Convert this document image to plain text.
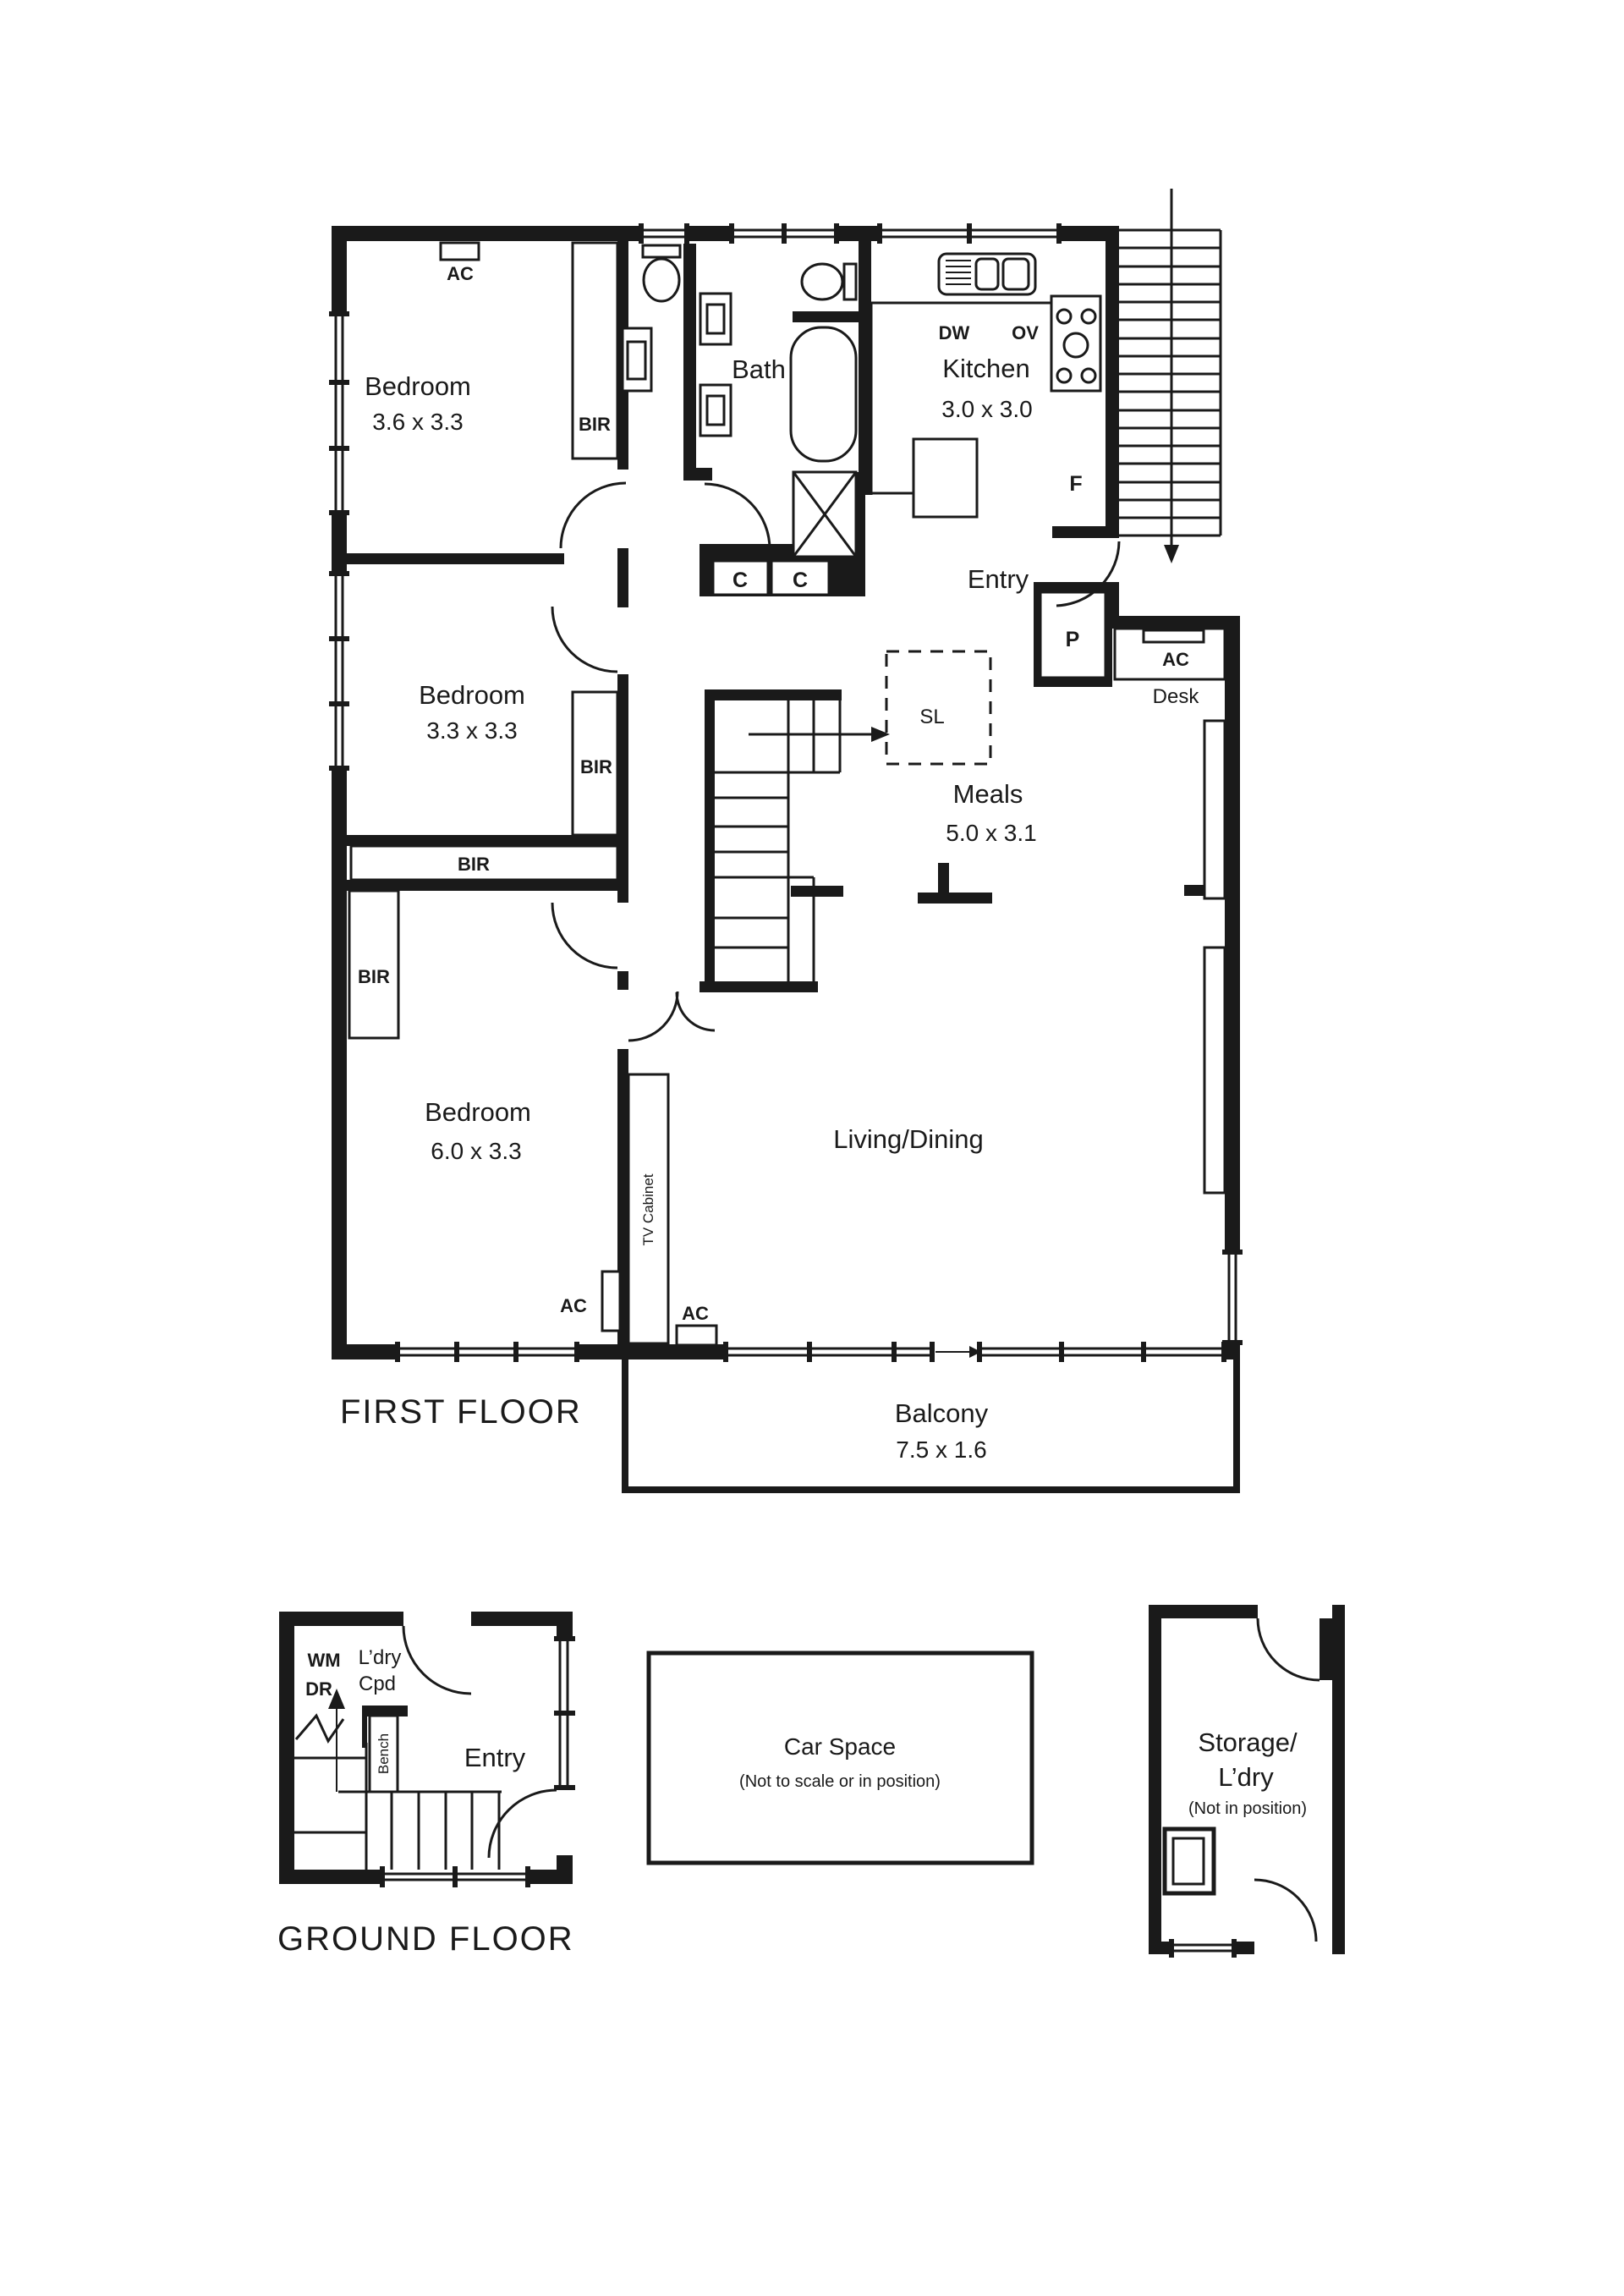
Bedroom
3.6 x 3.3
Bedroom
3.3 x 3.3
Bedroom
6.0 x 3.3
Bath	Kitchen
3.0 x 3.0
Entry
Meals
5.0 x 3.1
Living/Dining
Balcony
7.5 x 1.6
AC
AC
AC	AC
BIR
BIR
BIR
BIR
DW OV
F
P
C C
SL
Desk
TV Cabinet
FIRST FLOOR
WM
DR
L’dry
Cpd
Bench	Entry	Car Space
(Not to scale or in position)
Storage/
L’dry
(Not in position)
GROUND FLOOR
